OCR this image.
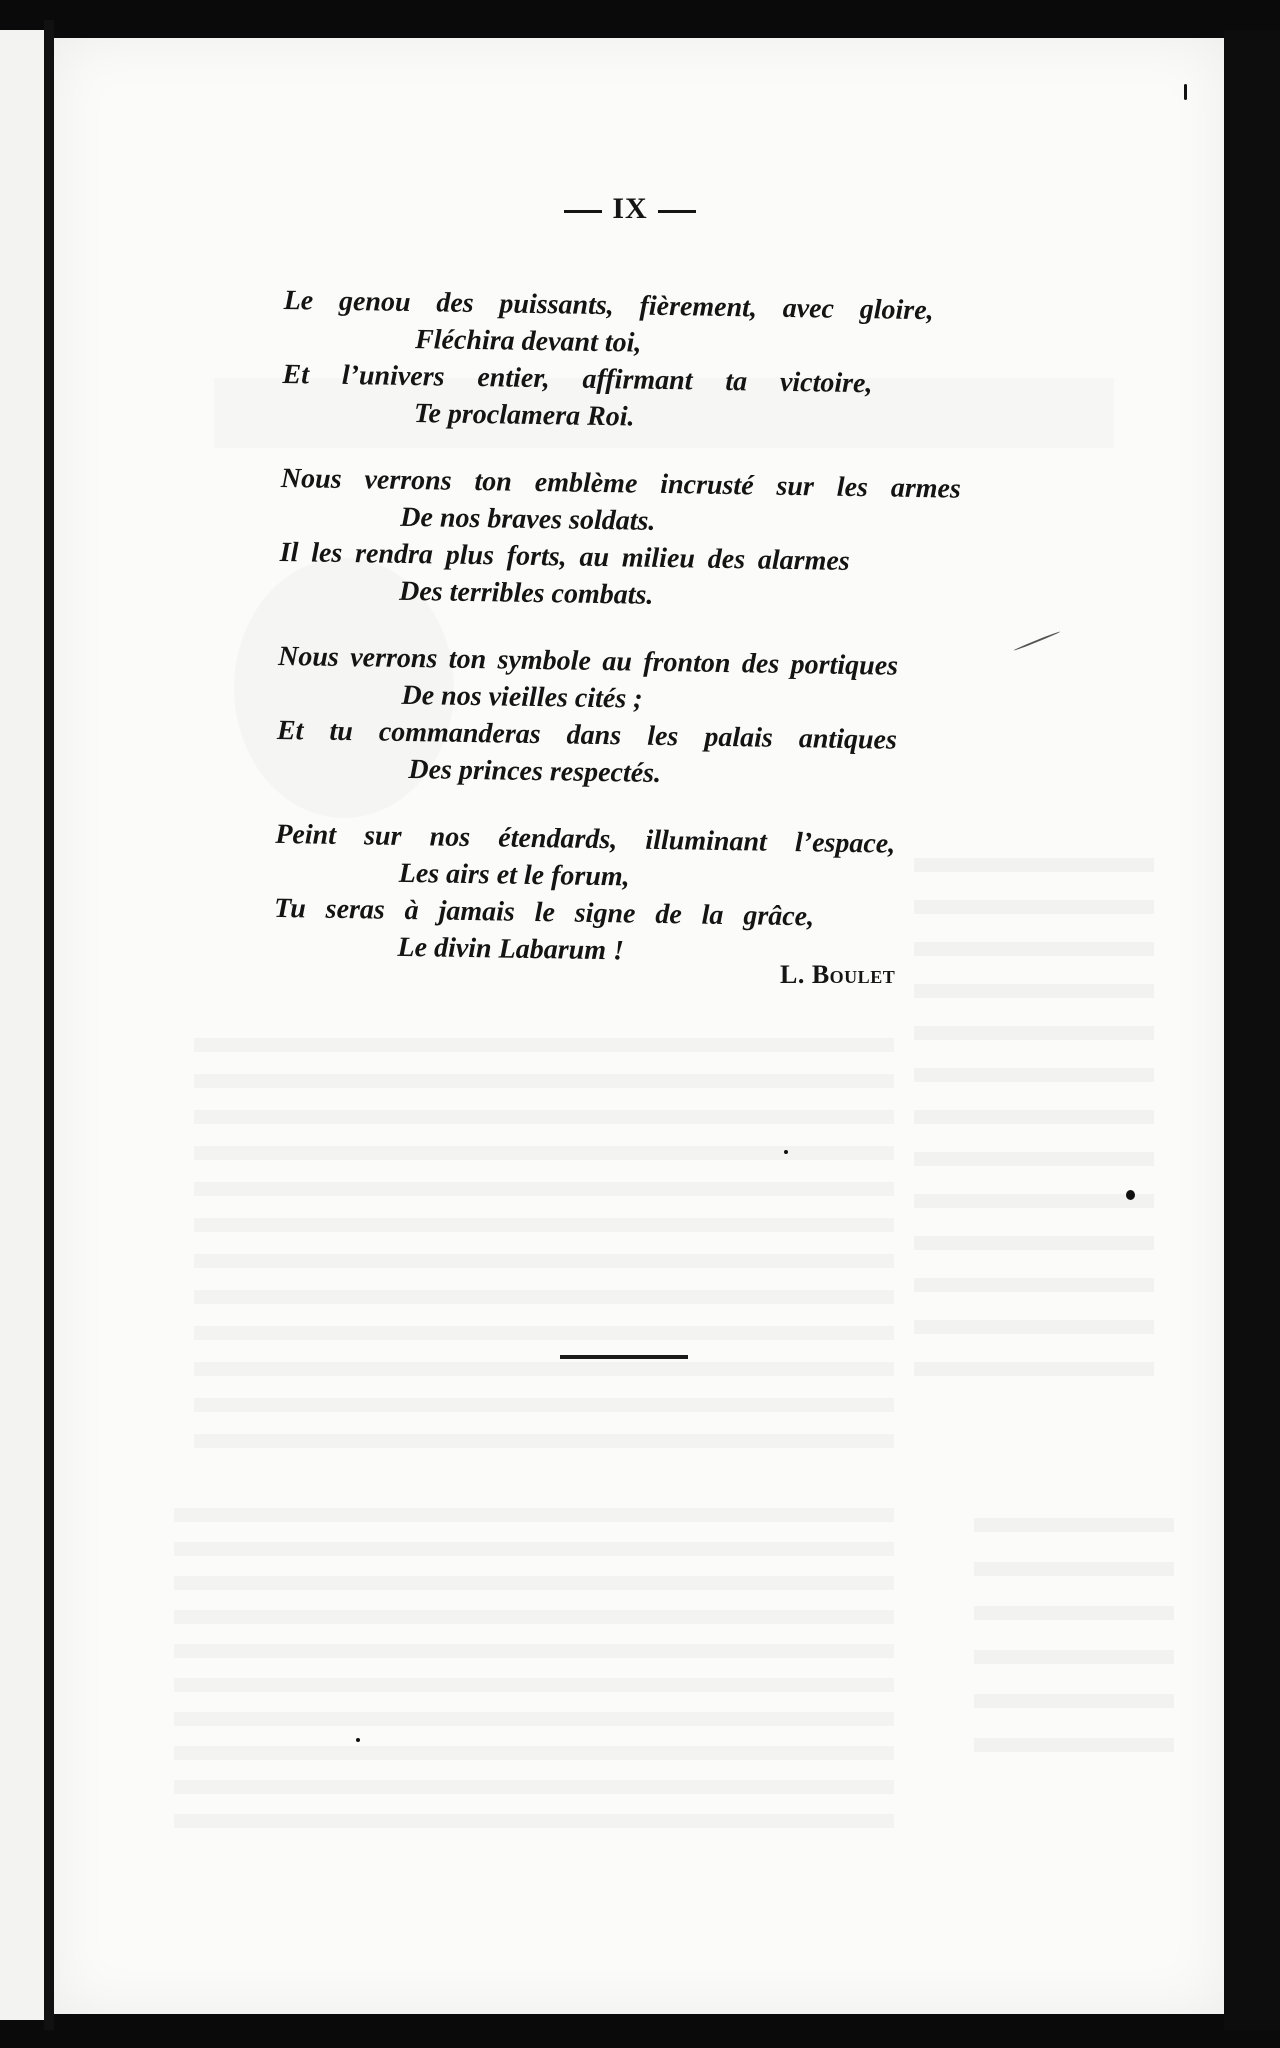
IX
Le genou des puissants, fièrement, avec gloire,
Fléchira devant toi,
Et l’univers entier, affirmant ta victoire,
Te proclamera Roi.
Nous verrons ton emblème incrusté sur les armes
De nos braves soldats.
Il les rendra plus forts, au milieu des alarmes
Des terribles combats.
Nous verrons ton symbole au fronton des portiques
De nos vieilles cités ;
Et tu commanderas dans les palais antiques
Des princes respectés.
Peint sur nos étendards, illuminant l’espace,
Les airs et le forum,
Tu seras à jamais le signe de la grâce,
Le divin Labarum !
L. Boulet
